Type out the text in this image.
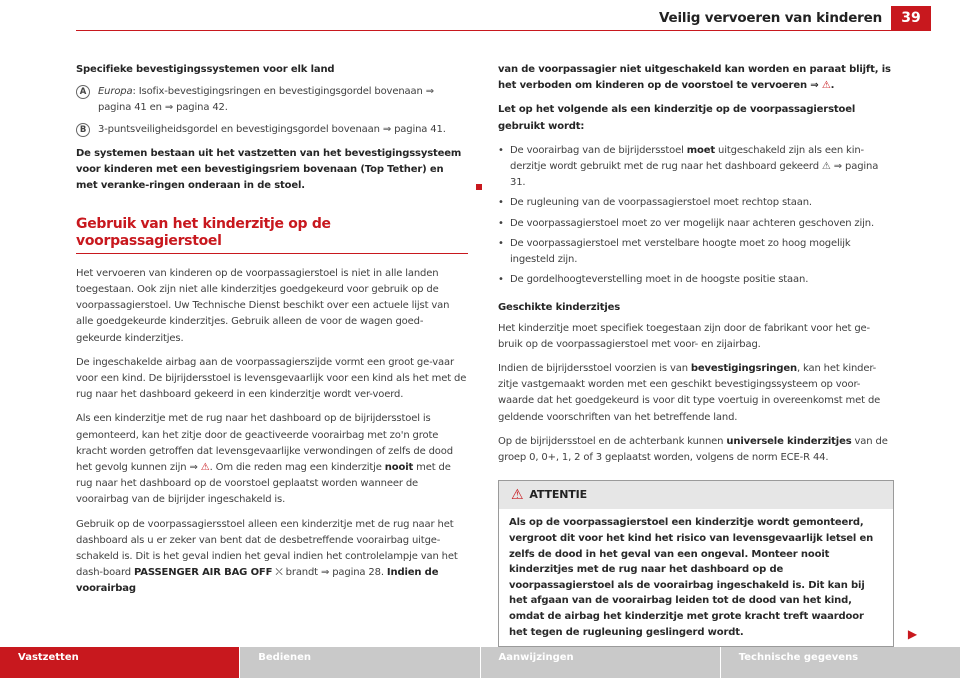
Veilig vervoeren van kinderen	39
Specifieke bevestigingssystemen voor elk land
A	Europa: Isofix-bevestigingsringen en bevestigingsgordel bovenaan ⇒ pagina 41 en ⇒ pagina 42.
B	3-puntsveiligheidsgordel en bevestigingsgordel bovenaan ⇒ pagina 41.
De systemen bestaan uit het vastzetten van het bevestigingssysteem voor kinderen met een bevestigingsriem bovenaan (Top Tether) en met veranke-ringen onderaan in de stoel.
Gebruik van het kinderzitje op de voorpassagierstoel
Het vervoeren van kinderen op de voorpassagierstoel is niet in alle landen toegestaan. Ook zijn niet alle kinderzitjes goedgekeurd voor gebruik op de voorpassagierstoel. Uw Technische Dienst beschikt over een actuele lijst van alle goedgekeurde kinderzitjes. Gebruik alleen de voor de wagen goed-gekeurde kinderzitjes.
De ingeschakelde airbag aan de voorpassagierszijde vormt een groot ge-vaar voor een kind. De bijrijdersstoel is levensgevaarlijk voor een kind als het met de rug naar het dashboard gekeerd in een kinderzitje wordt ver-voerd.
Als een kinderzitje met de rug naar het dashboard op de bijrijdersstoel is gemonteerd, kan het zitje door de geactiveerde voorairbag met zo'n grote kracht worden getroffen dat levensgevaarlijke verwondingen of zelfs de dood het gevolg kunnen zijn ⇒ ⚠. Om die reden mag een kinderzitje nooit met de rug naar het dashboard op de voorstoel geplaatst worden wanneer de voorairbag van de bijrijder ingeschakeld is.
Gebruik op de voorpassagiersstoel alleen een kinderzitje met de rug naar het dashboard als u er zeker van bent dat de desbetreffende voorairbag uitge-schakeld is. Dit is het geval indien het geval indien het controlelampje van het dash-board PASSENGER AIR BAG OFF ⛌ brandt ⇒ pagina 28. Indien de voorairbag
van de voorpassagier niet uitgeschakeld kan worden en paraat blijft, is het verboden om kinderen op de voorstoel te vervoeren ⇒ ⚠.
Let op het volgende als een kinderzitje op de voorpassagierstoel gebruikt wordt:
• De voorairbag van de bijrijdersstoel moet uitgeschakeld zijn als een kin-derzitje wordt gebruikt met de rug naar het dashboard gekeerd ⚠ ⇒ pagina 31.
• De rugleuning van de voorpassagierstoel moet rechtop staan.
• De voorpassagierstoel moet zo ver mogelijk naar achteren geschoven zijn.
• De voorpassagierstoel met verstelbare hoogte moet zo hoog mogelijk ingesteld zijn.
• De gordelhoogteverstelling moet in de hoogste positie staan.
Geschikte kinderzitjes
Het kinderzitje moet specifiek toegestaan zijn door de fabrikant voor het ge-bruik op de voorpassagierstoel met voor- en zijairbag.
Indien de bijrijdersstoel voorzien is van bevestigingsringen, kan het kinder-zitje vastgemaakt worden met een geschikt bevestigingssysteem op voor-waarde dat het goedgekeurd is voor dit type voertuig in overeenkomst met de geldende voorschriften van het betreffende land.
Op de bijrijdersstoel en de achterbank kunnen universele kinderzitjes van de groep 0, 0+, 1, 2 of 3 geplaatst worden, volgens de norm ECE-R 44.
⚠ ATTENTIE
Als op de voorpassagierstoel een kinderzitje wordt gemonteerd, vergroot dit voor het kind het risico van levensgevaarlijk letsel en zelfs de dood in het geval van een ongeval. Monteer nooit kinderzitjes met de rug naar het dashboard op de voorpassagierstoel als de voorairbag ingeschakeld is. Dit kan bij het afgaan van de voorairbag leiden tot de dood van het kind, omdat de airbag het kinderzitje met grote kracht treft waardoor het tegen de rugleuning geslingerd wordt.	▶
Vastzetten	Bedienen	Aanwijzingen	Technische gegevens
